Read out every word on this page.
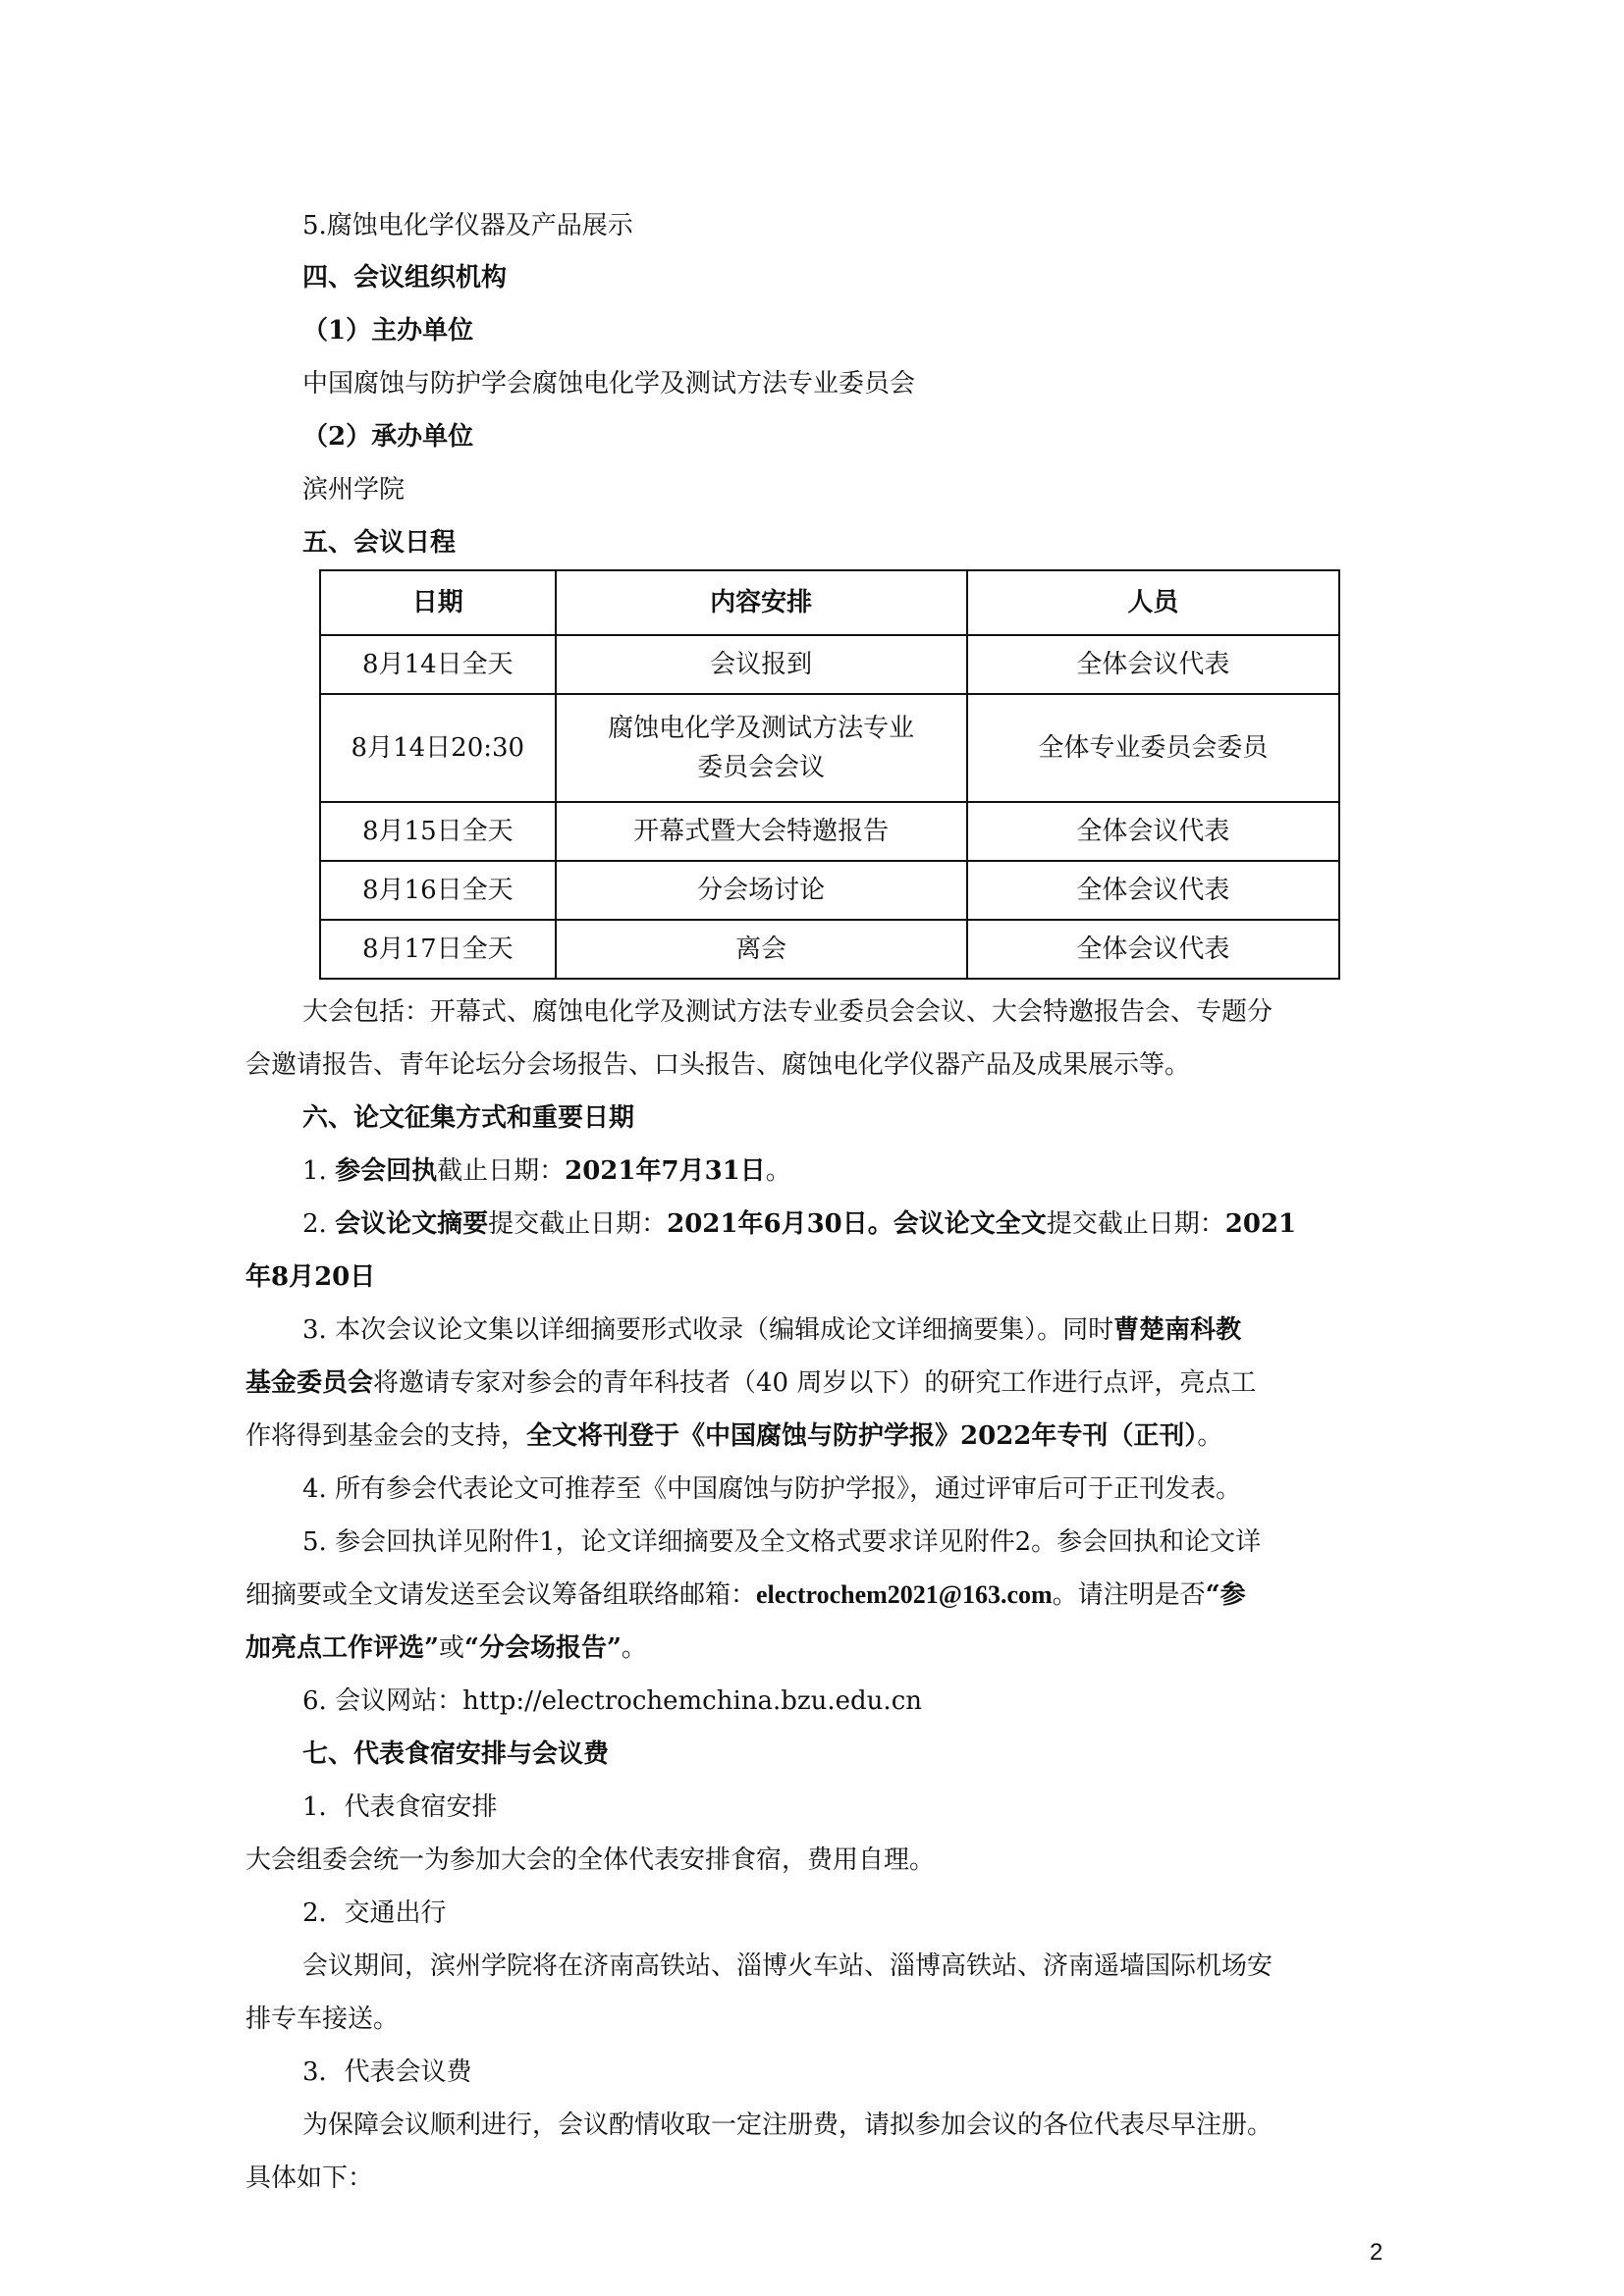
5.腐蚀电化学仪器及产品展示
四、会议组织机构
（1）主办单位
中国腐蚀与防护学会腐蚀电化学及测试方法专业委员会
（2）承办单位
滨州学院
五、会议日程
日期	内容安排	人员
8月14日全天	会议报到	全体会议代表
8月14日20:30	腐蚀电化学及测试方法专业
委员会会议	全体专业委员会委员
8月15日全天	开幕式暨大会特邀报告	全体会议代表
8月16日全天	分会场讨论	全体会议代表
8月17日全天	离会	全体会议代表
大会包括：开幕式、腐蚀电化学及测试方法专业委员会会议、大会特邀报告会、专题分
会邀请报告、青年论坛分会场报告、口头报告、腐蚀电化学仪器产品及成果展示等。
六、论文征集方式和重要日期
1. 参会回执截止日期：2021年7月31日。
2. 会议论文摘要提交截止日期：2021年6月30日。会议论文全文提交截止日期：2021
年8月20日
3. 本次会议论文集以详细摘要形式收录（编辑成论文详细摘要集）。同时曹楚南科教
基金委员会将邀请专家对参会的青年科技者（40 周岁以下）的研究工作进行点评，亮点工
作将得到基金会的支持，全文将刊登于《中国腐蚀与防护学报》2022年专刊（正刊）。
4. 所有参会代表论文可推荐至《中国腐蚀与防护学报》，通过评审后可于正刊发表。
5. 参会回执详见附件1，论文详细摘要及全文格式要求详见附件2。参会回执和论文详
细摘要或全文请发送至会议筹备组联络邮箱：electrochem2021@163.com。请注明是否“参
加亮点工作评选”或“分会场报告”。
6. 会议网站：http://electrochemchina.bzu.edu.cn
七、代表食宿安排与会议费
1．代表食宿安排
大会组委会统一为参加大会的全体代表安排食宿，费用自理。
2．交通出行
会议期间，滨州学院将在济南高铁站、淄博火车站、淄博高铁站、济南遥墙国际机场安
排专车接送。
3．代表会议费
为保障会议顺利进行，会议酌情收取一定注册费，请拟参加会议的各位代表尽早注册。
具体如下：
2
